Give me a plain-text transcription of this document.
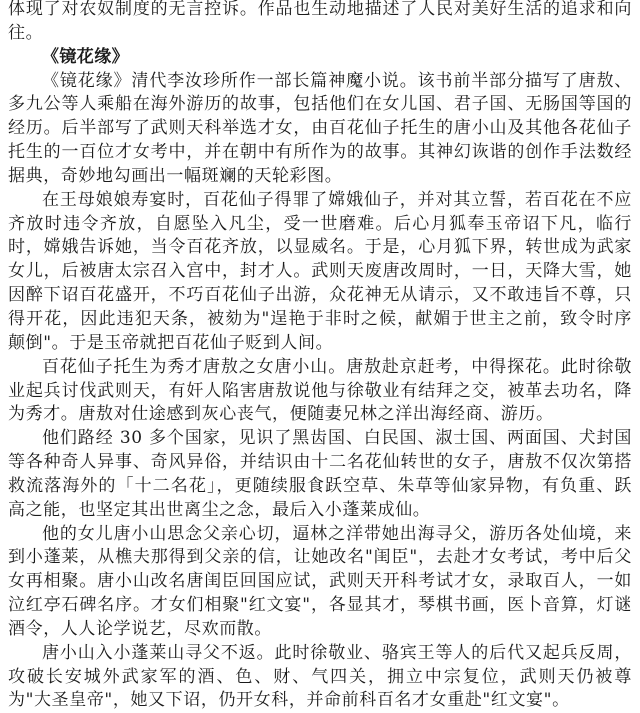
体现了对农奴制度的无言控诉。作品也生动地描述了人民对美好生活的追求和向往。

《镜花缘》

《镜花缘》清代李汝珍所作一部长篇神魔小说。该书前半部分描写了唐敖、多九公等人乘船在海外游历的故事，包括他们在女儿国、君子国、无肠国等国的经历。后半部写了武则天科举选才女，由百花仙子托生的唐小山及其他各花仙子托生的一百位才女考中，并在朝中有所作为的故事。其神幻诙谐的创作手法数经据典，奇妙地勾画出一幅斑斓的天轮彩图。

在王母娘娘寿宴时，百花仙子得罪了嫦娥仙子，并对其立誓，若百花在不应齐放时违令齐放，自愿坠入凡尘，受一世磨难。后心月狐奉玉帝诏下凡，临行时，嫦娥告诉她，当令百花齐放，以显威名。于是，心月狐下界，转世成为武家女儿，后被唐太宗召入宫中，封才人。武则天废唐改周时，一日，天降大雪，她因醉下诏百花盛开，不巧百花仙子出游，众花神无从请示，又不敢违旨不尊，只得开花，因此违犯天条，被劾为"逞艳于非时之候，献媚于世主之前，致令时序颠倒"。于是玉帝就把百花仙子贬到人间。

百花仙子托生为秀才唐敖之女唐小山。唐敖赴京赶考，中得探花。此时徐敬业起兵讨伐武则天，有奸人陷害唐敖说他与徐敬业有结拜之交，被革去功名，降为秀才。唐敖对仕途感到灰心丧气，便随妻兄林之洋出海经商、游历。

他们路经 30 多个国家，见识了黑齿国、白民国、淑士国、两面国、犬封国等各种奇人异事、奇风异俗，并结识由十二名花仙转世的女子，唐敖不仅次第搭救流落海外的「十二名花」，更随续服食跃空草、朱草等仙家异物，有负重、跃高之能，也坚定其出世离尘之念，最后入小蓬莱成仙。

他的女儿唐小山思念父亲心切，逼林之洋带她出海寻父，游历各处仙境，来到小蓬莱，从樵夫那得到父亲的信，让她改名"闺臣"，去赴才女考试，考中后父女再相聚。唐小山改名唐闺臣回国应试，武则天开科考试才女，录取百人，一如泣红亭石碑名序。才女们相聚"红文宴"，各显其才，琴棋书画，医卜音算，灯谜酒令，人人论学说艺，尽欢而散。

唐小山入小蓬莱山寻父不返。此时徐敬业、骆宾王等人的后代又起兵反周，攻破长安城外武家军的酒、色、财、气四关，拥立中宗复位，武则天仍被尊为"大圣皇帝"，她又下诏，仍开女科，并命前科百名才女重赴"红文宴"。
